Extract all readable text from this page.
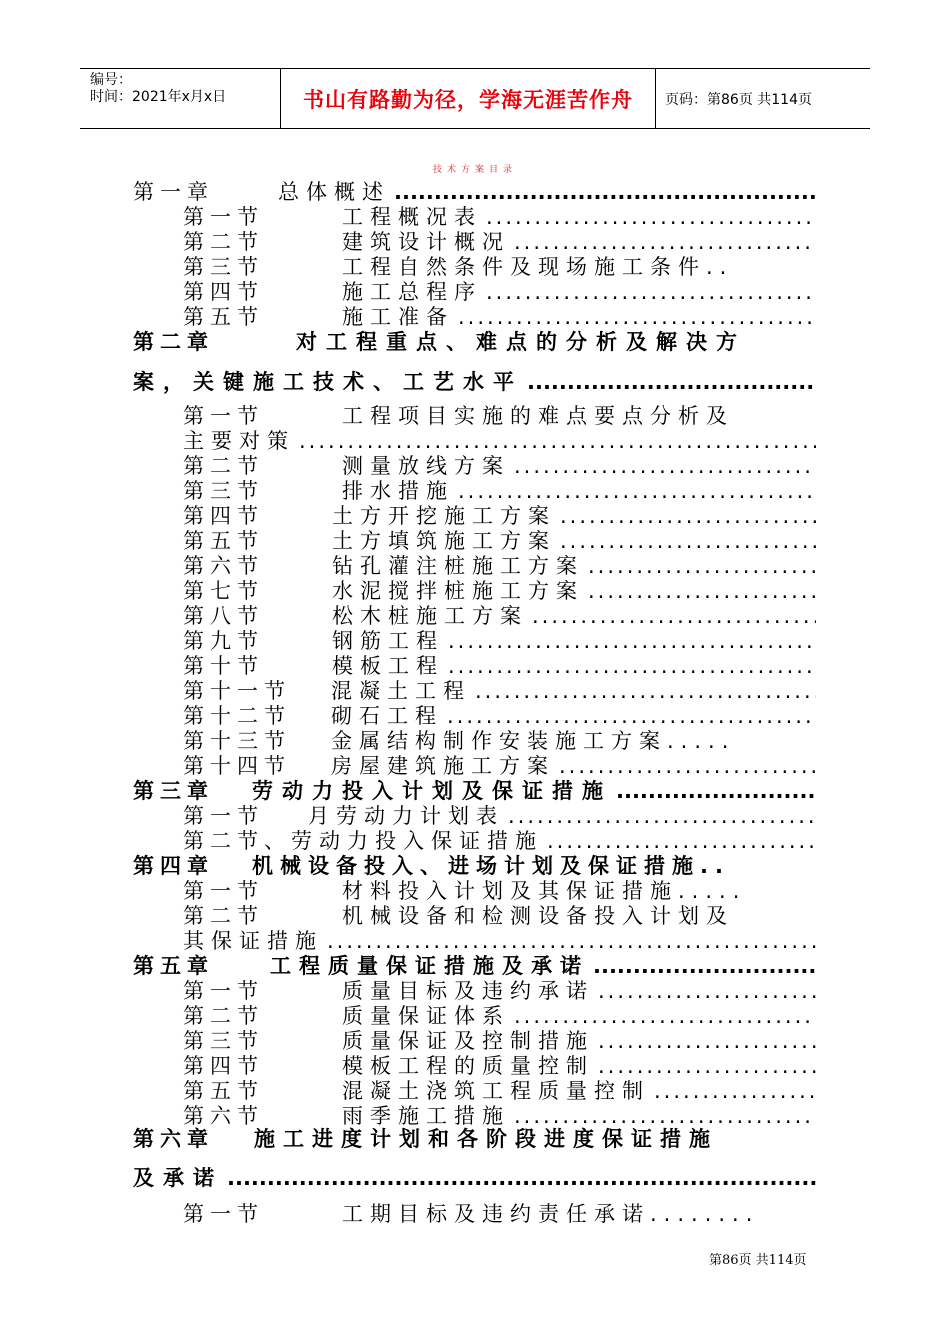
编号：
时间：2021年x月x日	书山有路勤为径，学海无涯苦作舟	页码：第86页 共114页
技术方案目录
第一章	总体概述
.....
第一节	工程概况表
.....
第二节	建筑设计概况
.....
第三节	工程自然条件及现场施工条件..
第四节	施工总程序
.....
第五节	施工准备
.....
第二章	对工程重点、难点的分析及解决方
案，关键施工技术、工艺水平
.....
第一节	工程项目实施的难点要点分析及
主要对策
.....
第二节	测量放线方案
.....
第三节	排水措施
.....
第四节	土方开挖施工方案
.....
第五节	土方填筑施工方案
.....
第六节	钻孔灌注桩施工方案
.....
第七节	水泥搅拌桩施工方案
.....
第八节	松木桩施工方案
.....
第九节	钢筋工程
.....
第十节	模板工程
.....
第十一节 混凝土工程
.....
第十二节 砌石工程
.....
第十三节 金属结构制作安装施工方案.....
第十四节 房屋建筑施工方案
.....
第三章 劳动力投入计划及保证措施
.....
第一节 月劳动力计划表
.....
第二节、 劳动力投入保证措施
.....
第四章 机械设备投入、进场计划及保证措施..
第一节	材料投入计划及其保证措施.....
第二节	机械设备和检测设备投入计划及
其保证措施
.....
第五章	工程质量保证措施及承诺
.....
第一节	质量目标及违约承诺
.....
第二节	质量保证体系
.....
第三节	质量保证及控制措施
.....
第四节	模板工程的质量控制
.....
第五节	混凝土浇筑工程质量控制
.....
第六节	雨季施工措施
.....
第六章 施工进度计划和各阶段进度保证措施
及承诺
.....
第一节	工期目标及违约责任承诺........
第86页 共114页
